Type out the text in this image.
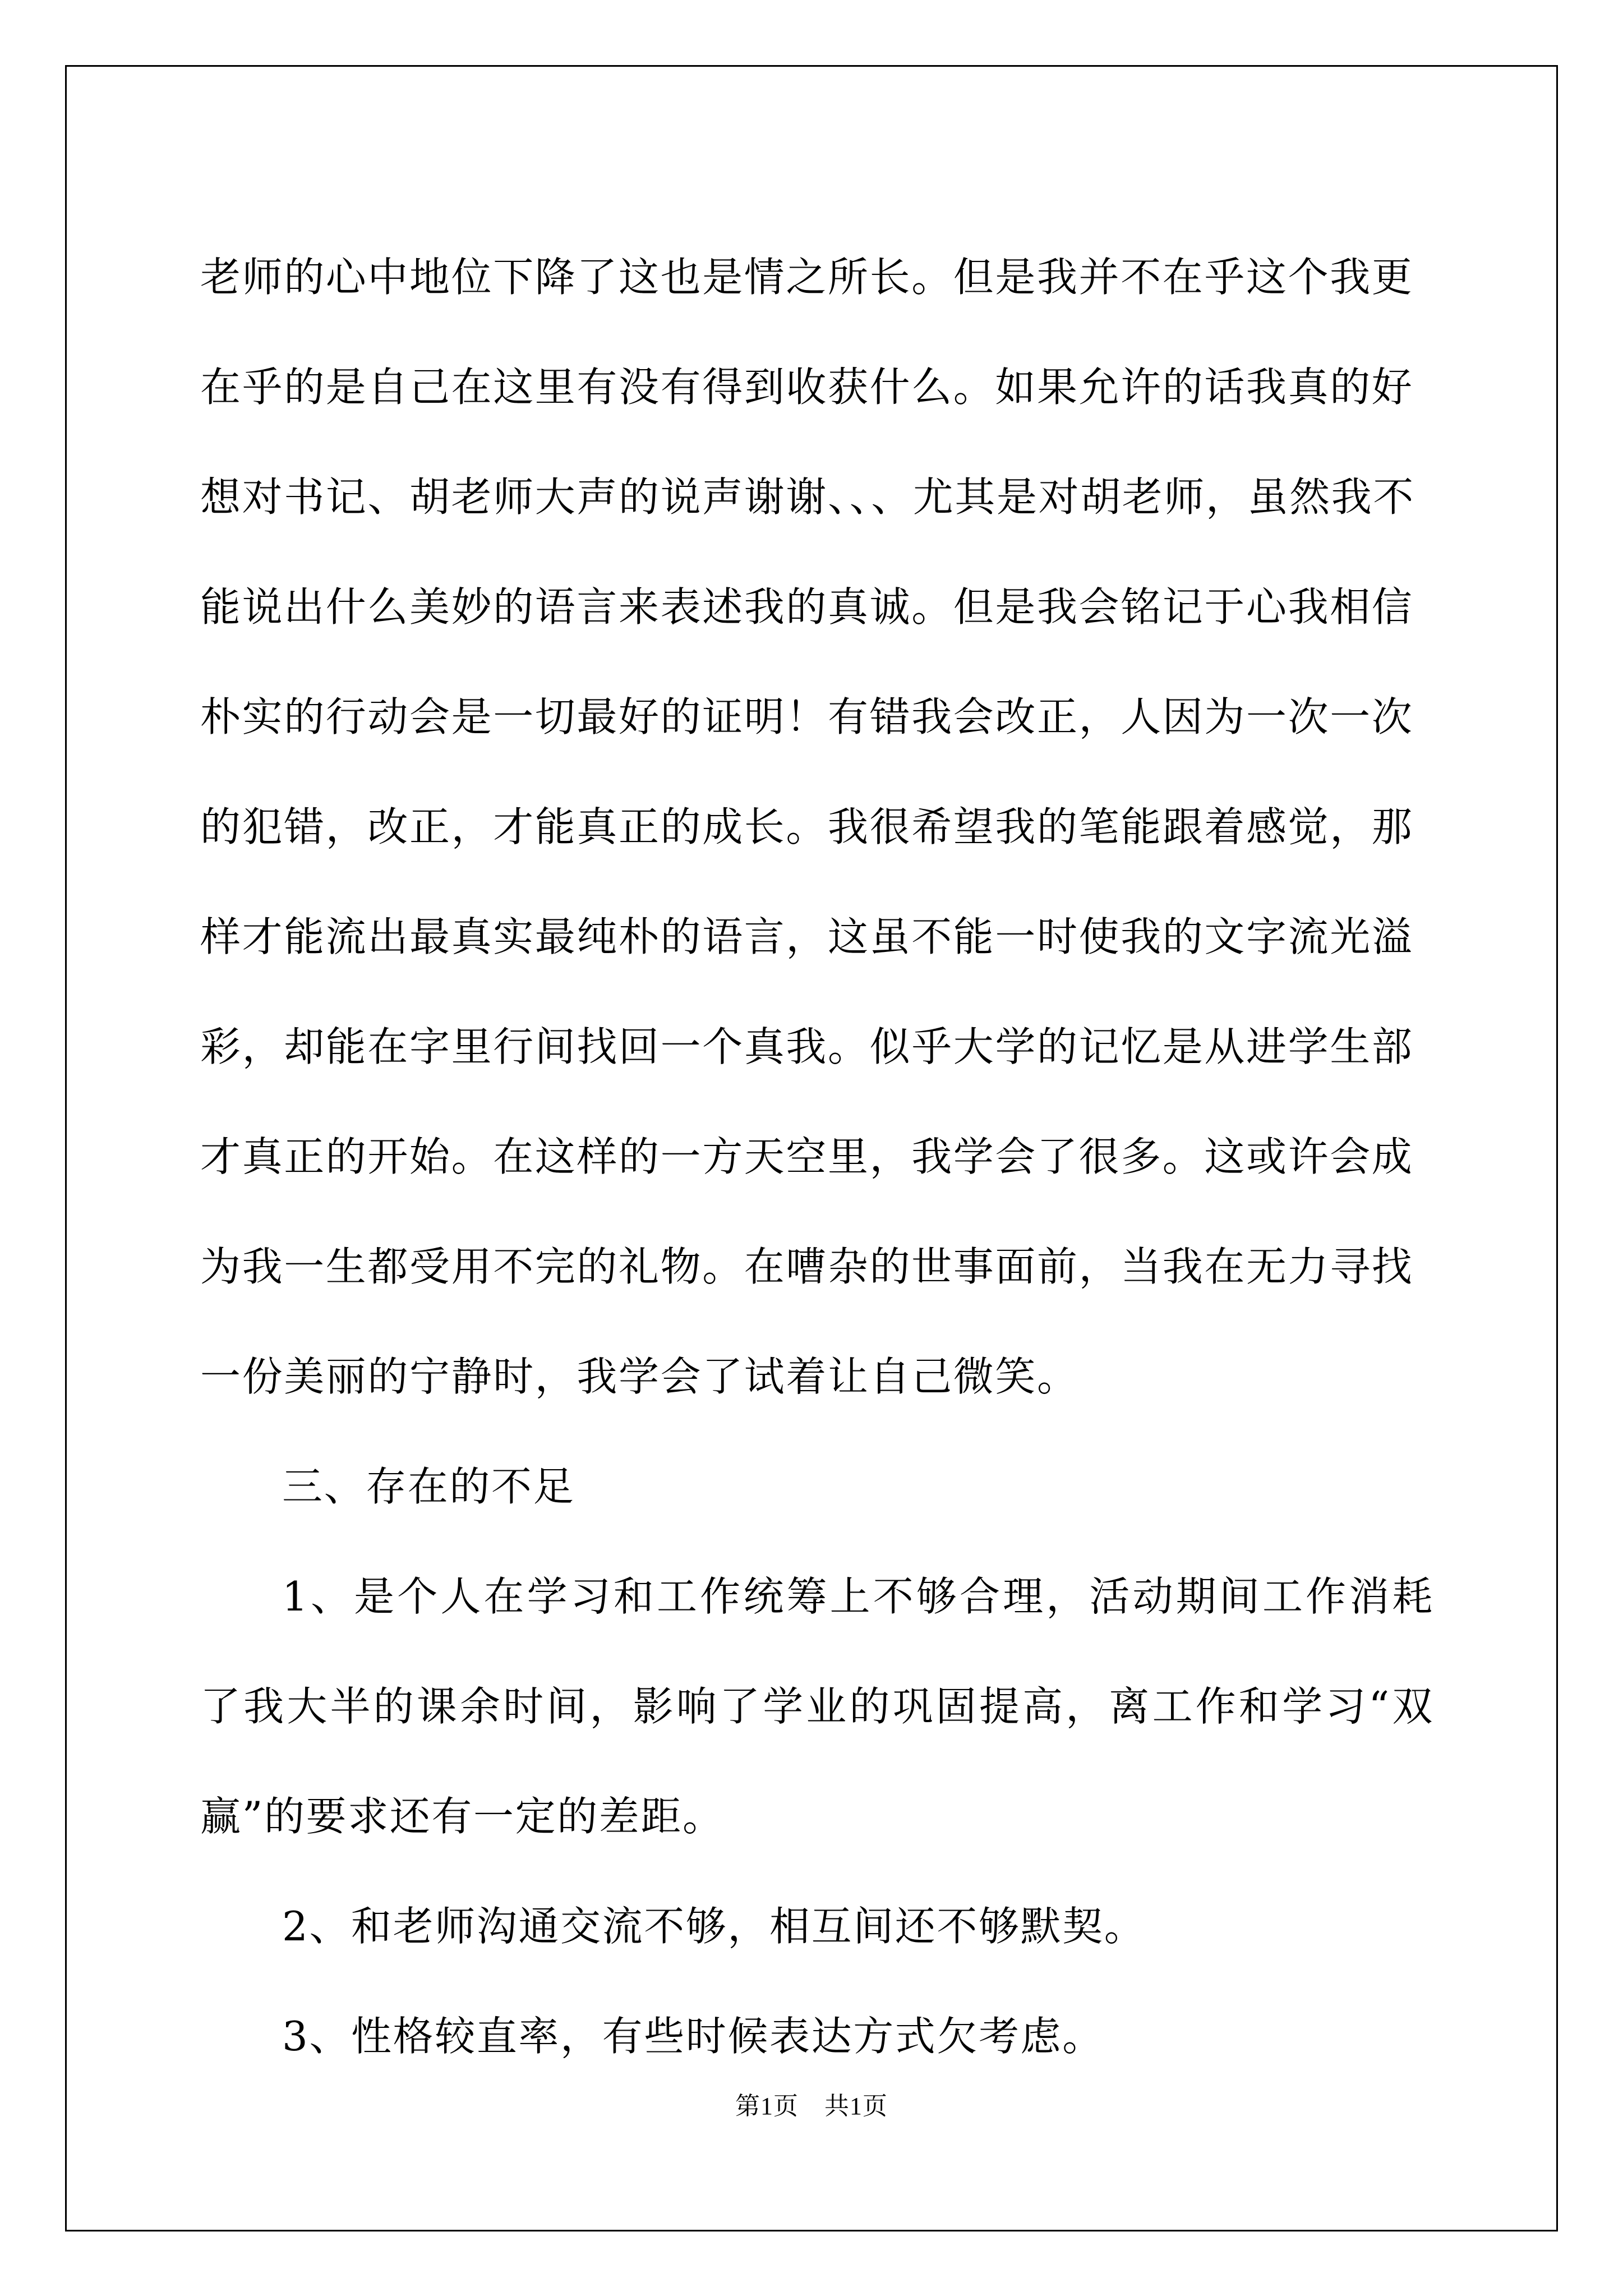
老师的心中地位下降了这也是情之所长。但是我并不在乎这个我更在乎的是自己在这里有没有得到收获什么。如果允许的话我真的好想对书记、胡老师大声的说声谢谢、、、尤其是对胡老师，虽然我不能说出什么美妙的语言来表述我的真诚。但是我会铭记于心我相信朴实的行动会是一切最好的证明！有错我会改正，人因为一次一次的犯错，改正，才能真正的成长。我很希望我的笔能跟着感觉，那样才能流出最真实最纯朴的语言，这虽不能一时使我的文字流光溢彩，却能在字里行间找回一个真我。似乎大学的记忆是从进学生部才真正的开始。在这样的一方天空里，我学会了很多。这或许会成为我一生都受用不完的礼物。在嘈杂的世事面前，当我在无力寻找一份美丽的宁静时，我学会了试着让自己微笑。

三、存在的不足

1、是个人在学习和工作统筹上不够合理，活动期间工作消耗了我大半的课余时间，影响了学业的巩固提高，离工作和学习“双赢”的要求还有一定的差距。

2、和老师沟通交流不够，相互间还不够默契。

3、性格较直率，有些时候表达方式欠考虑。

第1页 共1页
